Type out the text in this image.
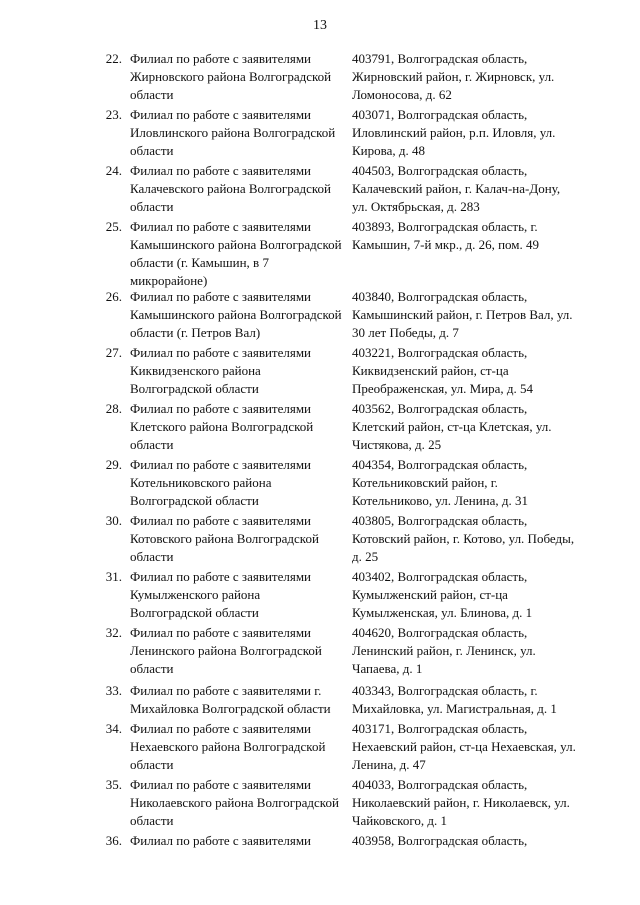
13
22. Филиал по работе с заявителями
Жирновского района Волгоградской
области
403791, Волгоградская область,
Жирновский район, г. Жирновск, ул.
Ломоносова, д. 62
23. Филиал по работе с заявителями
Иловлинского района Волгоградской
области
403071, Волгоградская область,
Иловлинский район, р.п. Иловля, ул.
Кирова, д. 48
24. Филиал по работе с заявителями
Калачевского района Волгоградской
области
404503, Волгоградская область,
Калачевский район, г. Калач-на-Дону,
ул. Октябрьская, д. 283
25. Филиал по работе с заявителями
Камышинского района Волгоградской
области (г. Камышин, в 7
микрорайоне)
403893, Волгоградская область, г.
Камышин, 7-й мкр., д. 26, пом. 49
26. Филиал по работе с заявителями
Камышинского района Волгоградской
области (г. Петров Вал)
403840, Волгоградская область,
Камышинский район, г. Петров Вал, ул.
30 лет Победы, д. 7
27. Филиал по работе с заявителями
Киквидзенского района
Волгоградской области
403221, Волгоградская область,
Киквидзенский район, ст-ца
Преображенская, ул. Мира, д. 54
28. Филиал по работе с заявителями
Клетского района Волгоградской
области
403562, Волгоградская область,
Клетский район, ст-ца Клетская, ул.
Чистякова, д. 25
29. Филиал по работе с заявителями
Котельниковского района
Волгоградской области
404354, Волгоградская область,
Котельниковский район, г.
Котельниково, ул. Ленина, д. 31
30. Филиал по работе с заявителями
Котовского района Волгоградской
области
403805, Волгоградская область,
Котовский район, г. Котово, ул. Победы,
д. 25
31. Филиал по работе с заявителями
Кумылженского района
Волгоградской области
403402, Волгоградская область,
Кумылженский район, ст-ца
Кумылженская, ул. Блинова, д. 1
32. Филиал по работе с заявителями
Ленинского района Волгоградской
области
404620, Волгоградская область,
Ленинский район, г. Ленинск, ул.
Чапаева, д. 1
33. Филиал по работе с заявителями г.
Михайловка Волгоградской области
403343, Волгоградская область, г.
Михайловка, ул. Магистральная, д. 1
34. Филиал по работе с заявителями
Нехаевского района Волгоградской
области
403171, Волгоградская область,
Нехаевский район, ст-ца Нехаевская, ул.
Ленина, д. 47
35. Филиал по работе с заявителями
Николаевского района Волгоградской
области
404033, Волгоградская область,
Николаевский район, г. Николаевск, ул.
Чайковского, д. 1
36. Филиал по работе с заявителями	403958, Волгоградская область,
